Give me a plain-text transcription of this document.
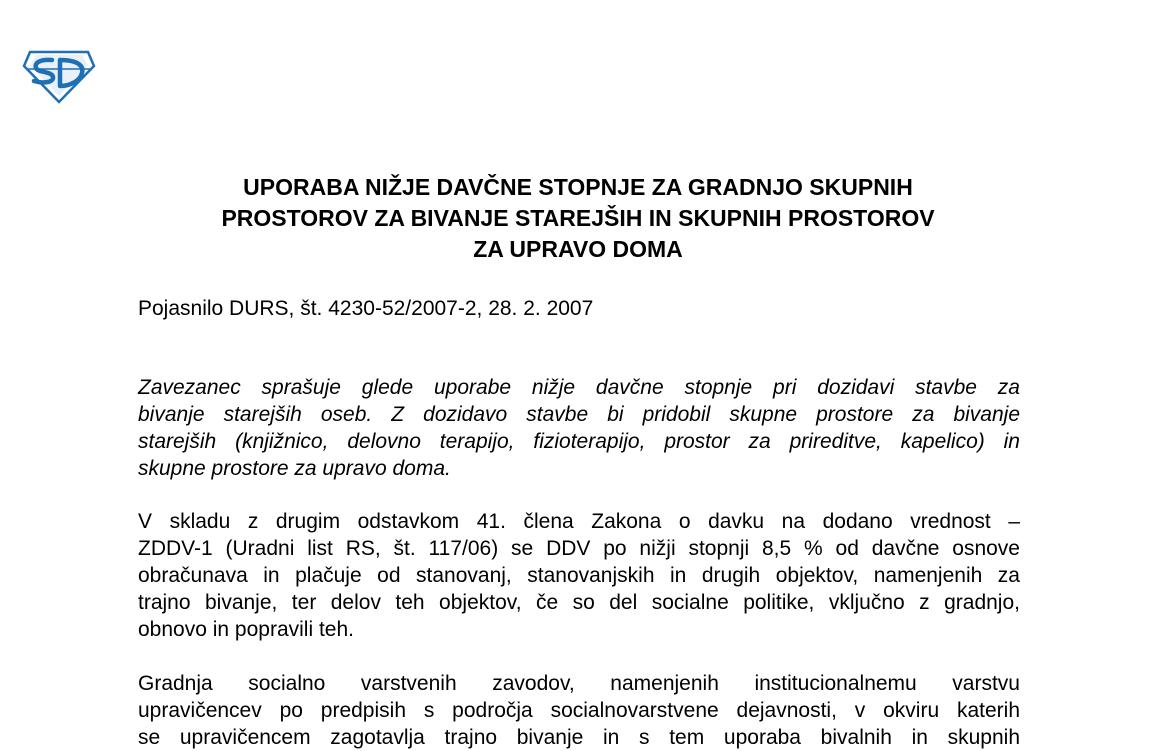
UPORABA NIŽJE DAVČNE STOPNJE ZA GRADNJO SKUPNIH
PROSTOROV ZA BIVANJE STAREJŠIH IN SKUPNIH PROSTOROV
ZA UPRAVO DOMA
Pojasnilo DURS, št. 4230-52/2007-2, 28. 2. 2007
Zavezanec sprašuje glede uporabe nižje davčne stopnje pri dozidavi stavbe za
bivanje starejših oseb. Z dozidavo stavbe bi pridobil skupne prostore za bivanje
starejših (knjižnico, delovno terapijo, fizioterapijo, prostor za prireditve, kapelico) in
skupne prostore za upravo doma.
V skladu z drugim odstavkom 41. člena Zakona o davku na dodano vrednost –
ZDDV-1 (Uradni list RS, št. 117/06) se DDV po nižji stopnji 8,5 % od davčne osnove
obračunava in plačuje od stanovanj, stanovanjskih in drugih objektov, namenjenih za
trajno bivanje, ter delov teh objektov, če so del socialne politike, vključno z gradnjo,
obnovo in popravili teh.
Gradnja socialno varstvenih zavodov, namenjenih institucionalnemu varstvu
upravičencev po predpisih s področja socialnovarstvene dejavnosti, v okviru katerih
se upravičencem zagotavlja trajno bivanje in s tem uporaba bivalnih in skupnih
